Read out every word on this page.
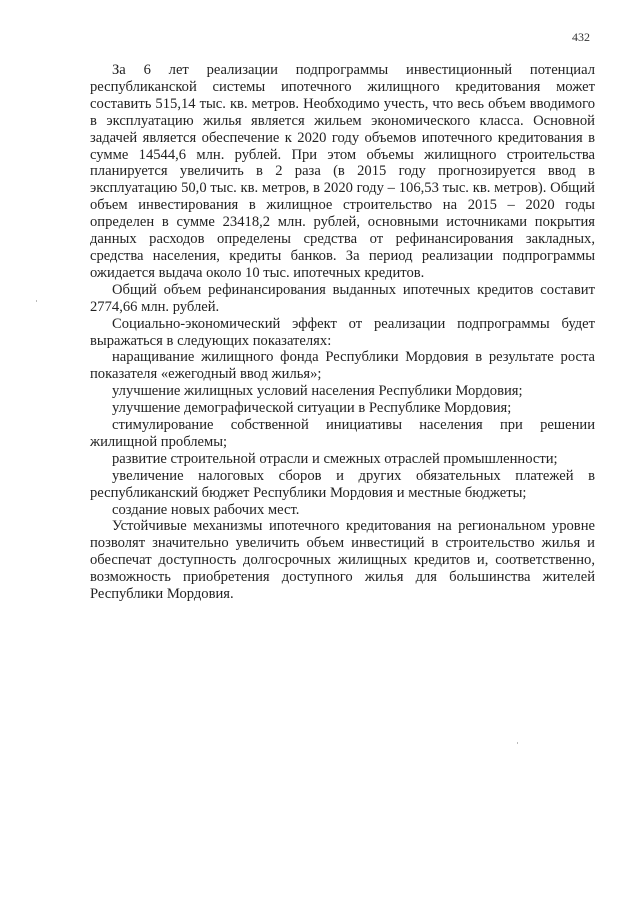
432

За 6 лет реализации подпрограммы инвестиционный потенциал республиканской системы ипотечного жилищного кредитования может составить 515,14 тыс. кв. метров. Необходимо учесть, что весь объем вводимого в эксплуатацию жилья является жильем экономического класса. Основной задачей является обеспечение к 2020 году объемов ипотечного кредитования в сумме 14544,6 млн. рублей. При этом объемы жилищного строительства планируется увеличить в 2 раза (в 2015 году прогнозируется ввод в эксплуатацию 50,0 тыс. кв. метров, в 2020 году – 106,53 тыс. кв. метров). Общий объем инвестирования в жилищное строительство на 2015 – 2020 годы определен в сумме 23418,2 млн. рублей, основными источниками покрытия данных расходов определены средства от рефинансирования закладных, средства населения, кредиты банков. За период реализации подпрограммы ожидается выдача около 10 тыс. ипотечных кредитов.

Общий объем рефинансирования выданных ипотечных кредитов составит 2774,66 млн. рублей.

Социально-экономический эффект от реализации подпрограммы будет выражаться в следующих показателях:

наращивание жилищного фонда Республики Мордовия в результате роста показателя «ежегодный ввод жилья»;

улучшение жилищных условий населения Республики Мордовия;

улучшение демографической ситуации в Республике Мордовия;

стимулирование собственной инициативы населения при решении жилищной проблемы;

развитие строительной отрасли и смежных отраслей промышленности;

увеличение налоговых сборов и других обязательных платежей в республиканский бюджет Республики Мордовия и местные бюджеты;

создание новых рабочих мест.

Устойчивые механизмы ипотечного кредитования на региональном уровне позволят значительно увеличить объем инвестиций в строительство жилья и обеспечат доступность долгосрочных жилищных кредитов и, соответственно, возможность приобретения доступного жилья для большинства жителей Республики Мордовия.
